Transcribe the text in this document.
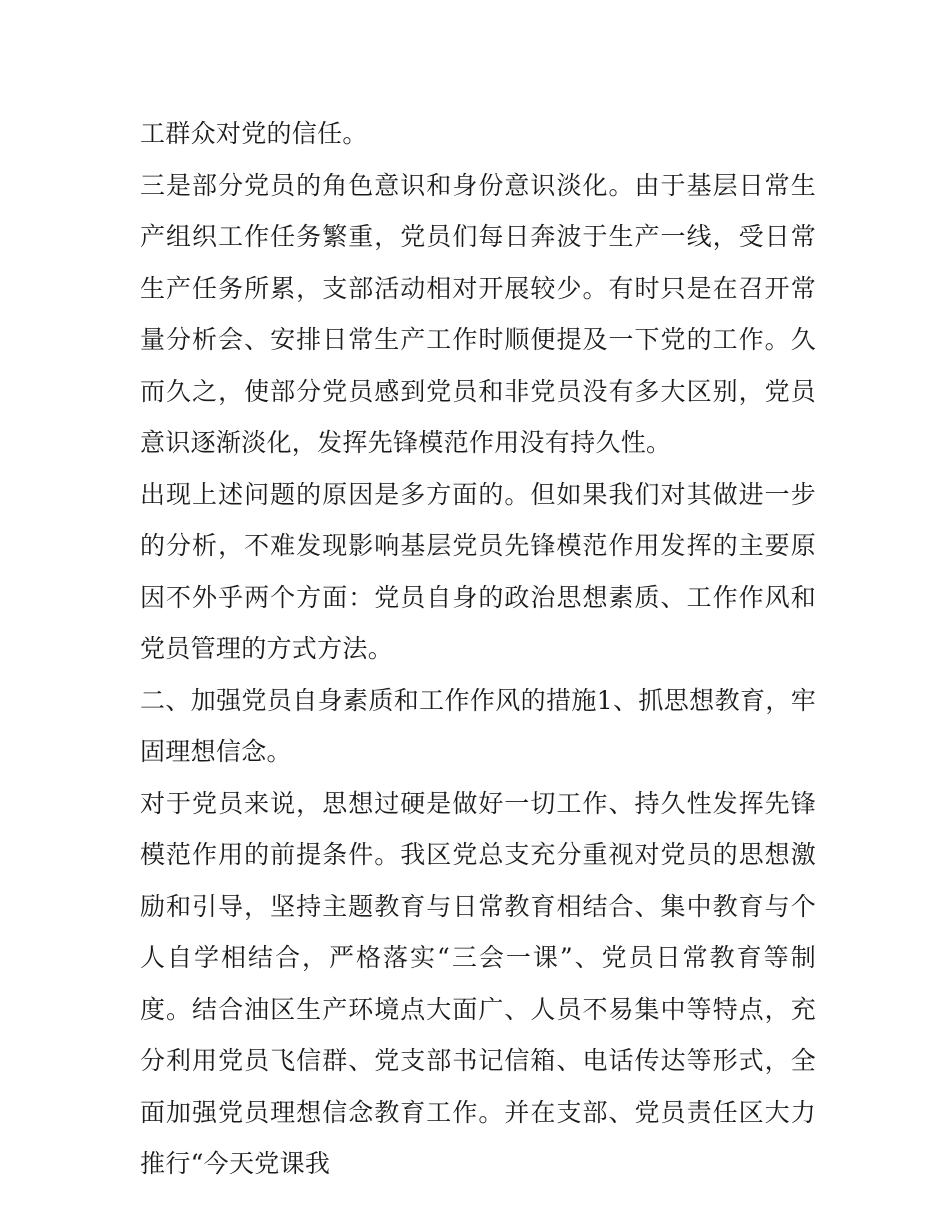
工群众对党的信任。

三是部分党员的角色意识和身份意识淡化。由于基层日常生产组织工作任务繁重，党员们每日奔波于生产一线，受日常生产任务所累，支部活动相对开展较少。有时只是在召开常量分析会、安排日常生产工作时顺便提及一下党的工作。久而久之，使部分党员感到党员和非党员没有多大区别，党员意识逐渐淡化，发挥先锋模范作用没有持久性。

出现上述问题的原因是多方面的。但如果我们对其做进一步的分析，不难发现影响基层党员先锋模范作用发挥的主要原因不外乎两个方面：党员自身的政治思想素质、工作作风和党员管理的方式方法。

二、加强党员自身素质和工作作风的措施1、抓思想教育，牢固理想信念。

对于党员来说，思想过硬是做好一切工作、持久性发挥先锋模范作用的前提条件。我区党总支充分重视对党员的思想激励和引导，坚持主题教育与日常教育相结合、集中教育与个人自学相结合，严格落实“三会一课”、党员日常教育等制度。结合油区生产环境点大面广、人员不易集中等特点，充分利用党员飞信群、党支部书记信箱、电话传达等形式，全面加强党员理想信念教育工作。并在支部、党员责任区大力推行“今天党课我
